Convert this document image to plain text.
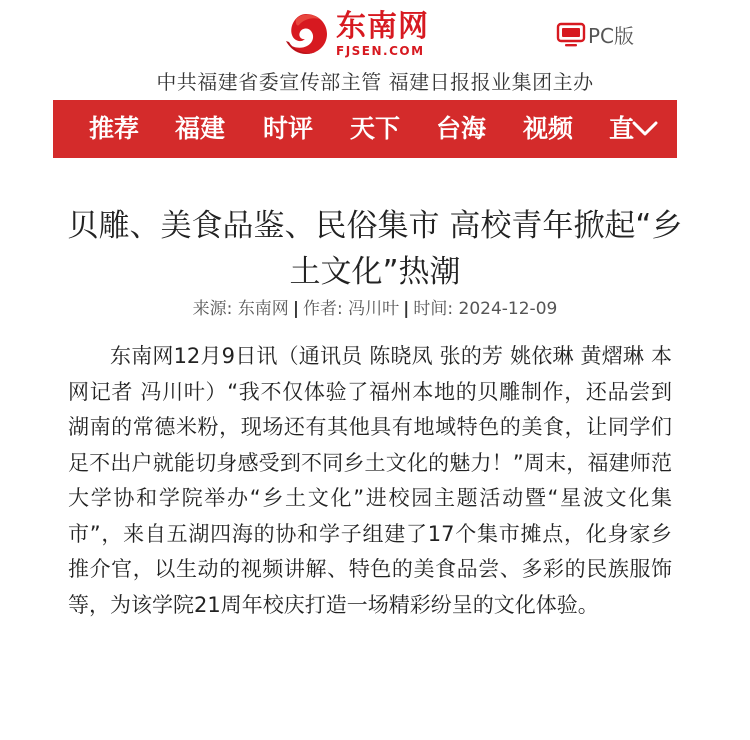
东南网
FJSEN.COM
PC版
中共福建省委宣传部主管 福建日报报业集团主办
推荐 福建 时评 天下 台海 视频 直
贝雕、美食品鉴、民俗集市 高校青年掀起“乡土文化”热潮
来源: 东南网 | 作者: 冯川叶 | 时间: 2024-12-09

东南网12月9日讯（通讯员 陈晓凤 张的芳 姚依琳 黄熠琳 本网记者 冯川叶）“我不仅体验了福州本地的贝雕制作，还品尝到湖南的常德米粉，现场还有其他具有地域特色的美食，让同学们足不出户就能切身感受到不同乡土文化的魅力！”周末，福建师范大学协和学院举办“乡土文化”进校园主题活动暨“星波文化集市”，来自五湖四海的协和学子组建了17个集市摊点，化身家乡推介官，以生动的视频讲解、特色的美食品尝、多彩的民族服饰等，为该学院21周年校庆打造一场精彩纷呈的文化体验。
